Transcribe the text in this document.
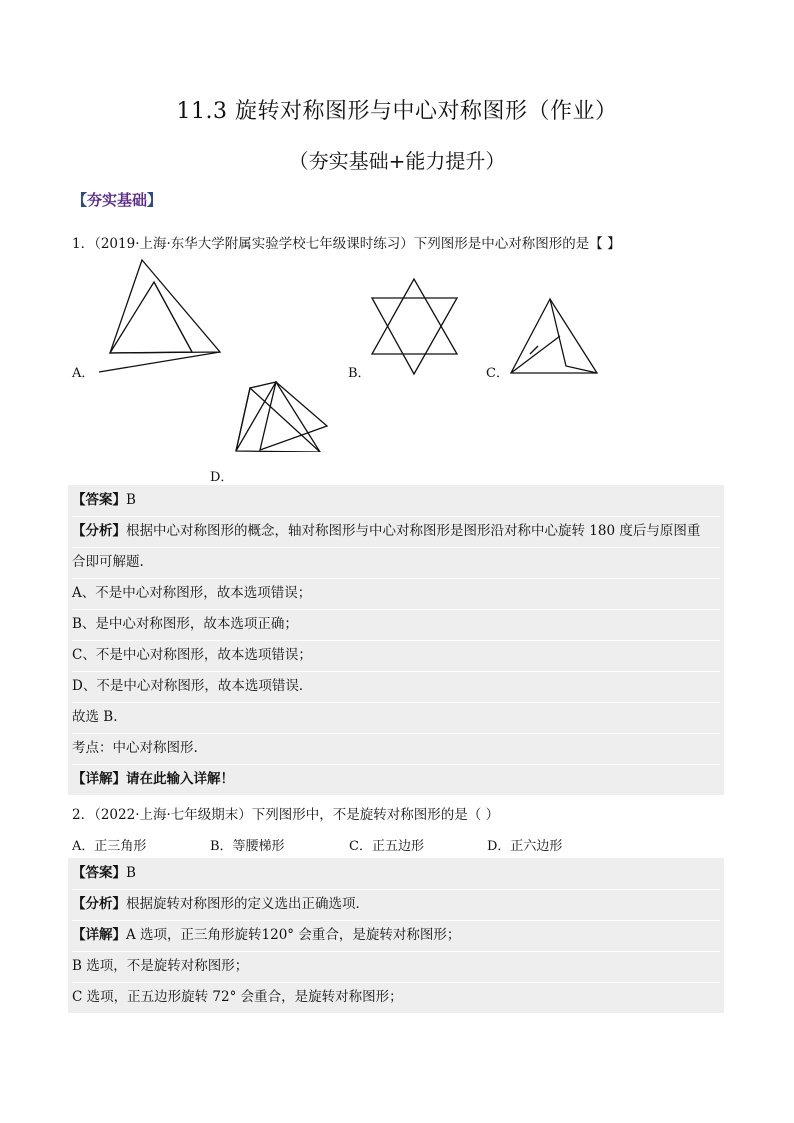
11.3 旋转对称图形与中心对称图形（作业）
（夯实基础+能力提升）
【夯实基础】
1．（2019·上海·东华大学附属实验学校七年级课时练习）下列图形是中心对称图形的是【 】
A．	B．	C．
D．
【答案】B
【分析】根据中心对称图形的概念，轴对称图形与中心对称图形是图形沿对称中心旋转 180 度后与原图重
合即可解题.
A、不是中心对称图形，故本选项错误；
B、是中心对称图形，故本选项正确；
C、不是中心对称图形，故本选项错误；
D、不是中心对称图形，故本选项错误．
故选 B.
考点：中心对称图形.
【详解】请在此输入详解！
2．（2022·上海·七年级期末）下列图形中，不是旋转对称图形的是（ ）
A．正三角形	B．等腰梯形	C．正五边形	D．正六边形
【答案】B
【分析】根据旋转对称图形的定义选出正确选项．
【详解】A 选项，正三角形旋转120° 会重合，是旋转对称图形；
B 选项，不是旋转对称图形；
C 选项，正五边形旋转 72° 会重合，是旋转对称图形；
